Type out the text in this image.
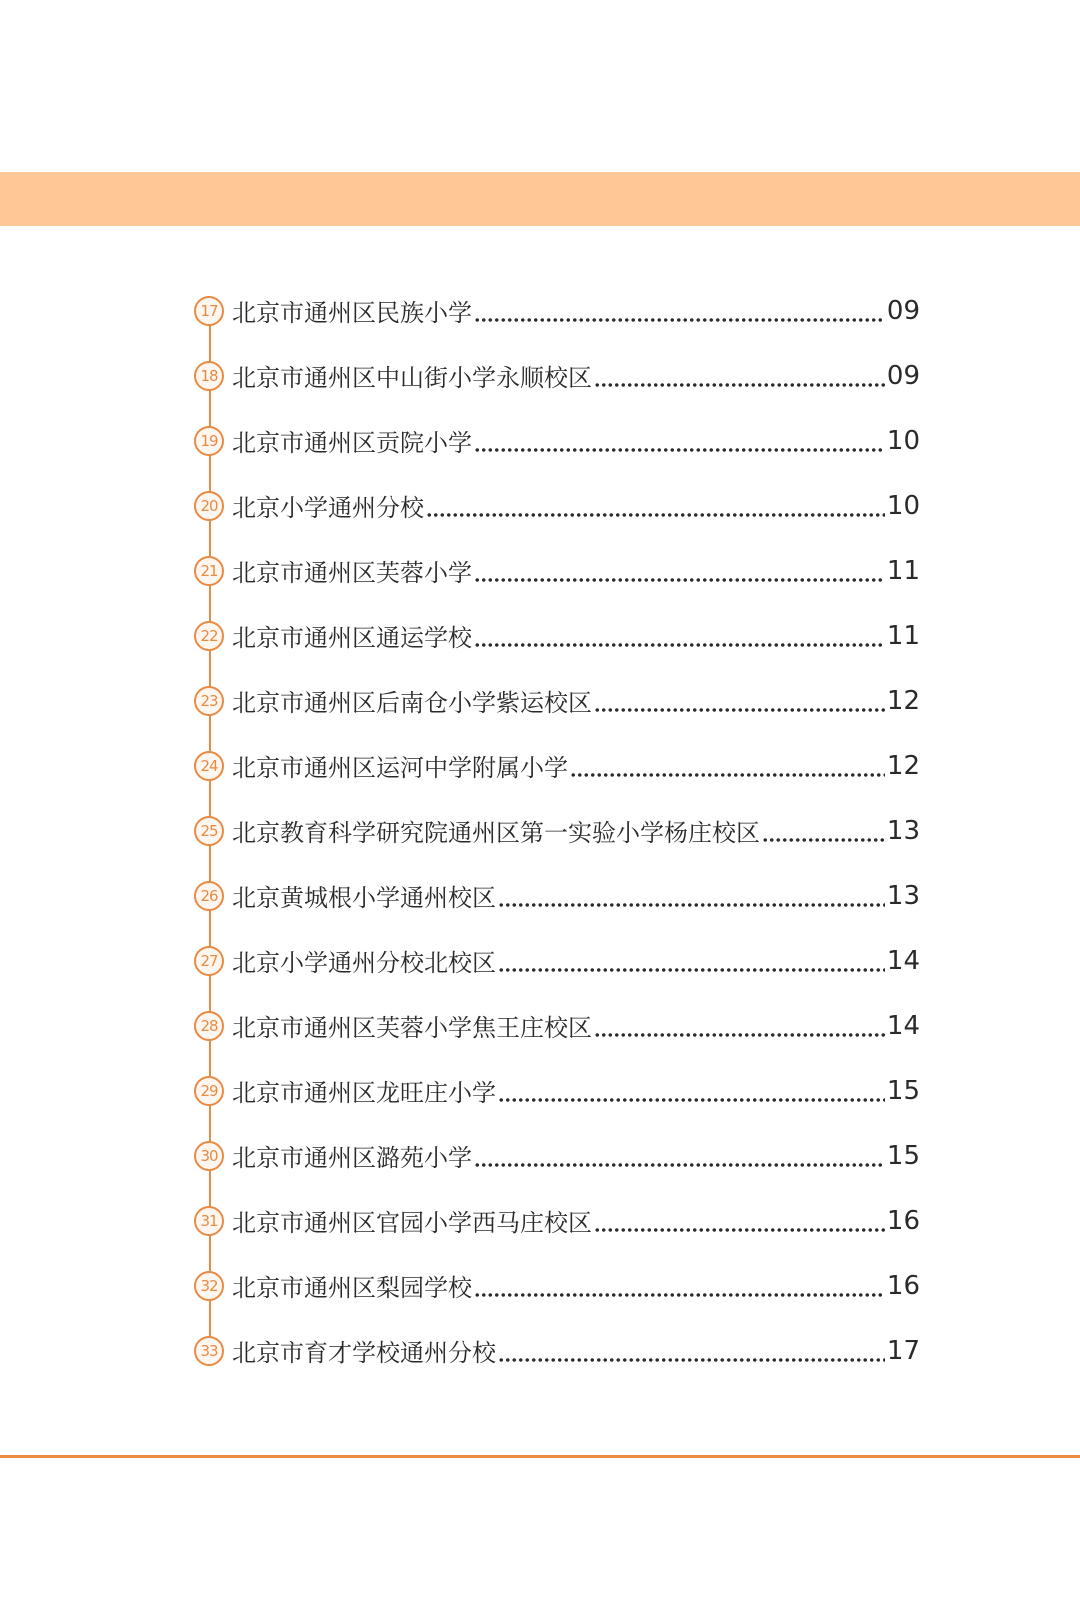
17 北京市通州区民族小学	09
18 北京市通州区中山街小学永顺校区	09
19 北京市通州区贡院小学	10
20 北京小学通州分校	10
21 北京市通州区芙蓉小学	11
22 北京市通州区通运学校	11
23 北京市通州区后南仓小学紫运校区	12
24 北京市通州区运河中学附属小学	12
25 北京教育科学研究院通州区第一实验小学杨庄校区	13
26 北京黄城根小学通州校区	13
27 北京小学通州分校北校区	14
28 北京市通州区芙蓉小学焦王庄校区	14
29 北京市通州区龙旺庄小学	15
30 北京市通州区潞苑小学	15
31 北京市通州区官园小学西马庄校区	16
32 北京市通州区梨园学校	16
33 北京市育才学校通州分校	17
